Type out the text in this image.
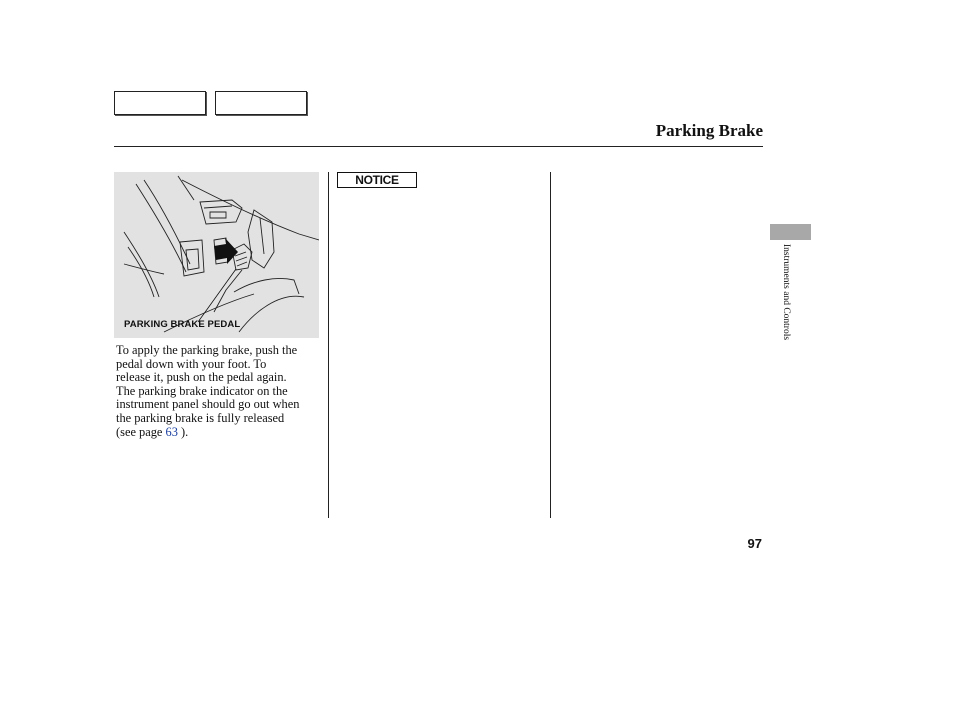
Parking Brake
PARKING BRAKE PEDAL

To apply the parking brake, push the

pedal down with your foot. To

release it, push on the pedal again.

The parking brake indicator on the

instrument panel should go out when

the parking brake is fully released

(see page 63 ).

NOTICE
Instruments and Controls
97
